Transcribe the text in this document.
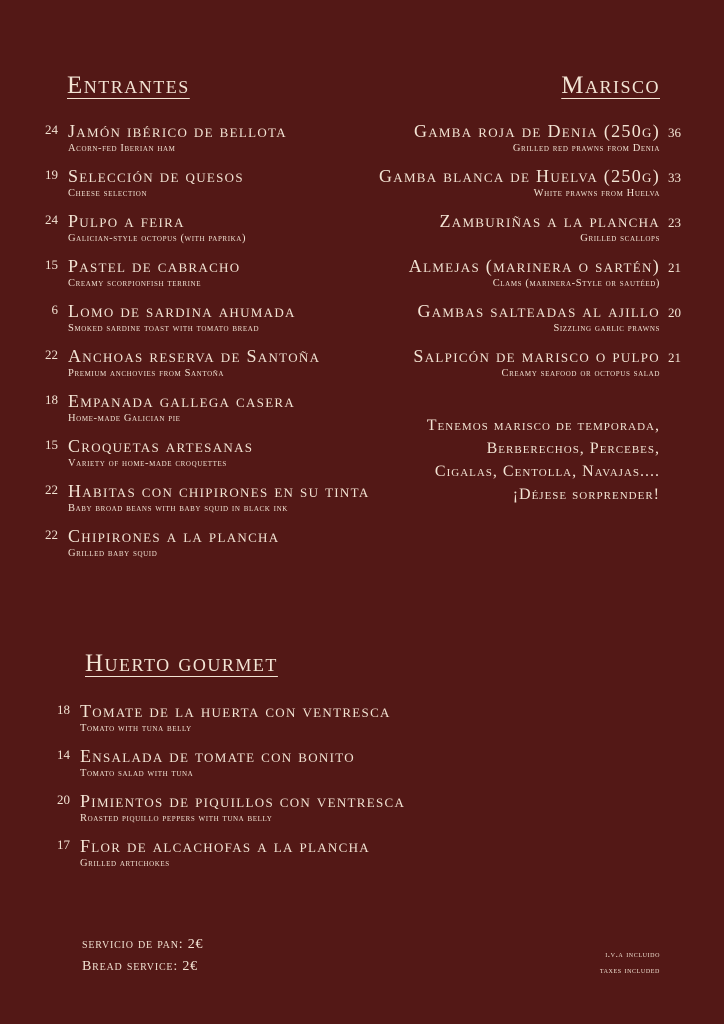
Entrantes
24 Jamón ibérico de bellota
Acorn-fed Iberian ham
19 Selección de quesos
Cheese selection
24 Pulpo a feira
Galician-style octopus (with paprika)
15 Pastel de cabracho
Creamy scorpionfish terrine
6 Lomo de sardina ahumada
Smoked sardine toast with tomato bread
22 Anchoas reserva de Santoña
Premium anchovies from Santoña
18 Empanada gallega casera
Home-made Galician pie
15 Croquetas artesanas
Variety of home-made croquettes
22 Habitas con chipirones en su tinta
Baby broad beans with baby squid in black ink
22 Chipirones a la plancha
Grilled baby squid
Marisco
36
Gamba roja de Denia (250g)
Grilled red prawns from Denia
33
Gamba blanca de Huelva (250g)
White prawns from Huelva
23
Zamburiñas a la plancha
Grilled scallops
21
Almejas (marinera o sartén)
Clams (marinera-Style or sautéed)
20
Gambas salteadas al ajillo
Sizzling garlic prawns
21
Salpicón de marisco o pulpo
Creamy seafood or octopus salad
Tenemos marisco de temporada,
Berberechos, Percebes,
Cigalas, Centolla, Navajas....
¡Déjese sorprender!
Huerto gourmet
18 Tomate de la huerta con ventresca
Tomato with tuna belly
14 Ensalada de tomate con bonito
Tomato salad with tuna
20 Pimientos de piquillos con ventresca
Roasted piquillo peppers with tuna belly
17 Flor de alcachofas a la plancha
Grilled artichokes
servicio de pan: 2€
Bread service: 2€
i.v.a incluido
taxes included
